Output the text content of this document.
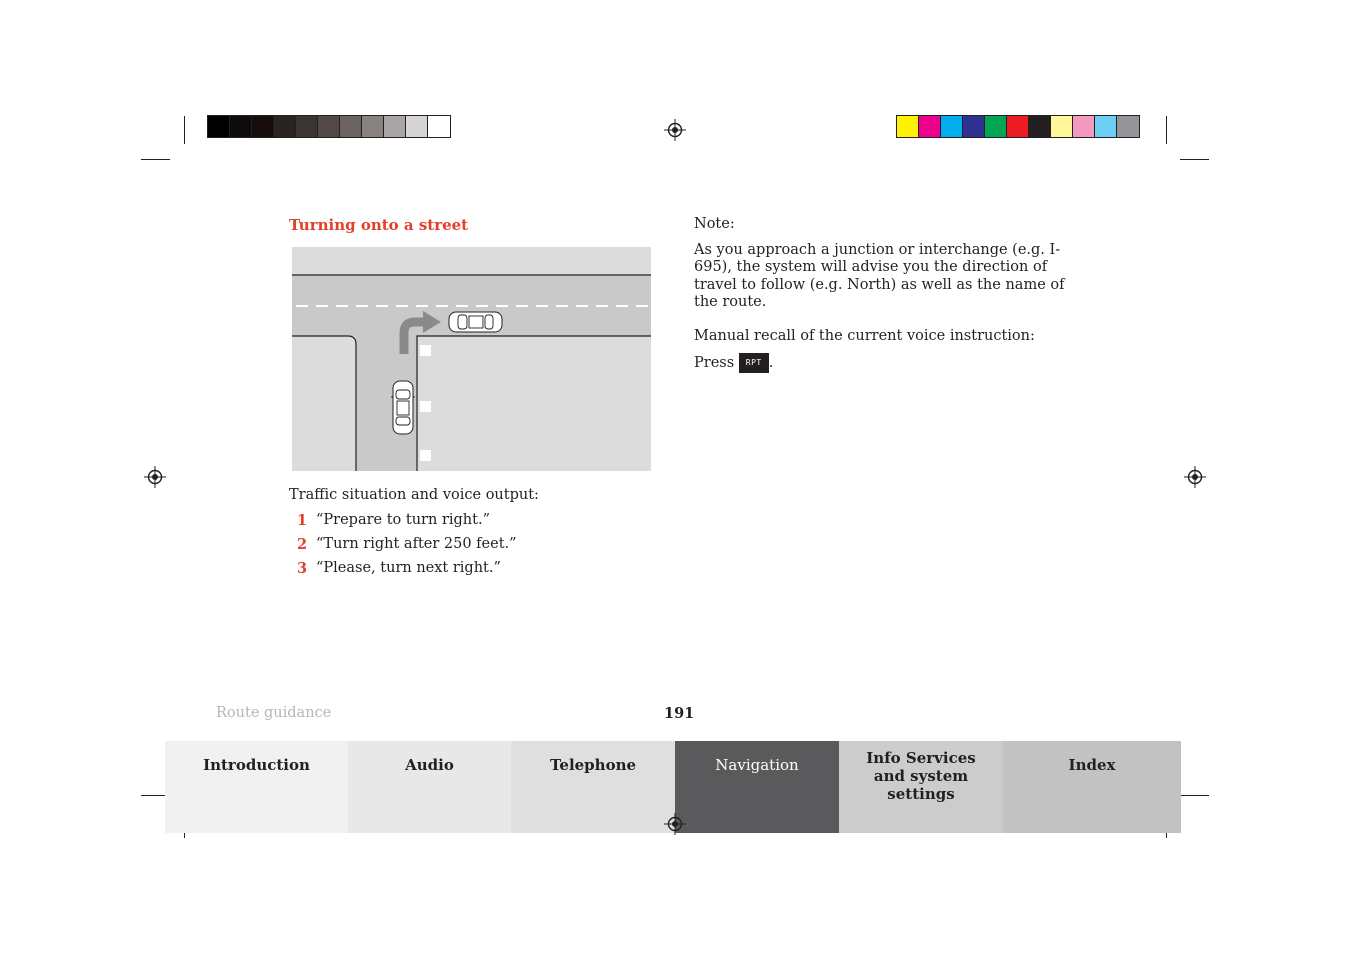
Turning onto a street
Traffic situation and voice output:
1 “Prepare to turn right.”
2 “Turn right after 250 feet.”
3 “Please, turn next right.”

Note:

As you approach a junction or interchange (e.g. I-695), the system will advise you the direction of travel to follow (e.g. North) as well as the name of the route.

Manual recall of the current voice instruction:

Press RPT .

Route guidance	191
Introduction	Audio	Telephone	Navigation	Info Services and system settings
Index
